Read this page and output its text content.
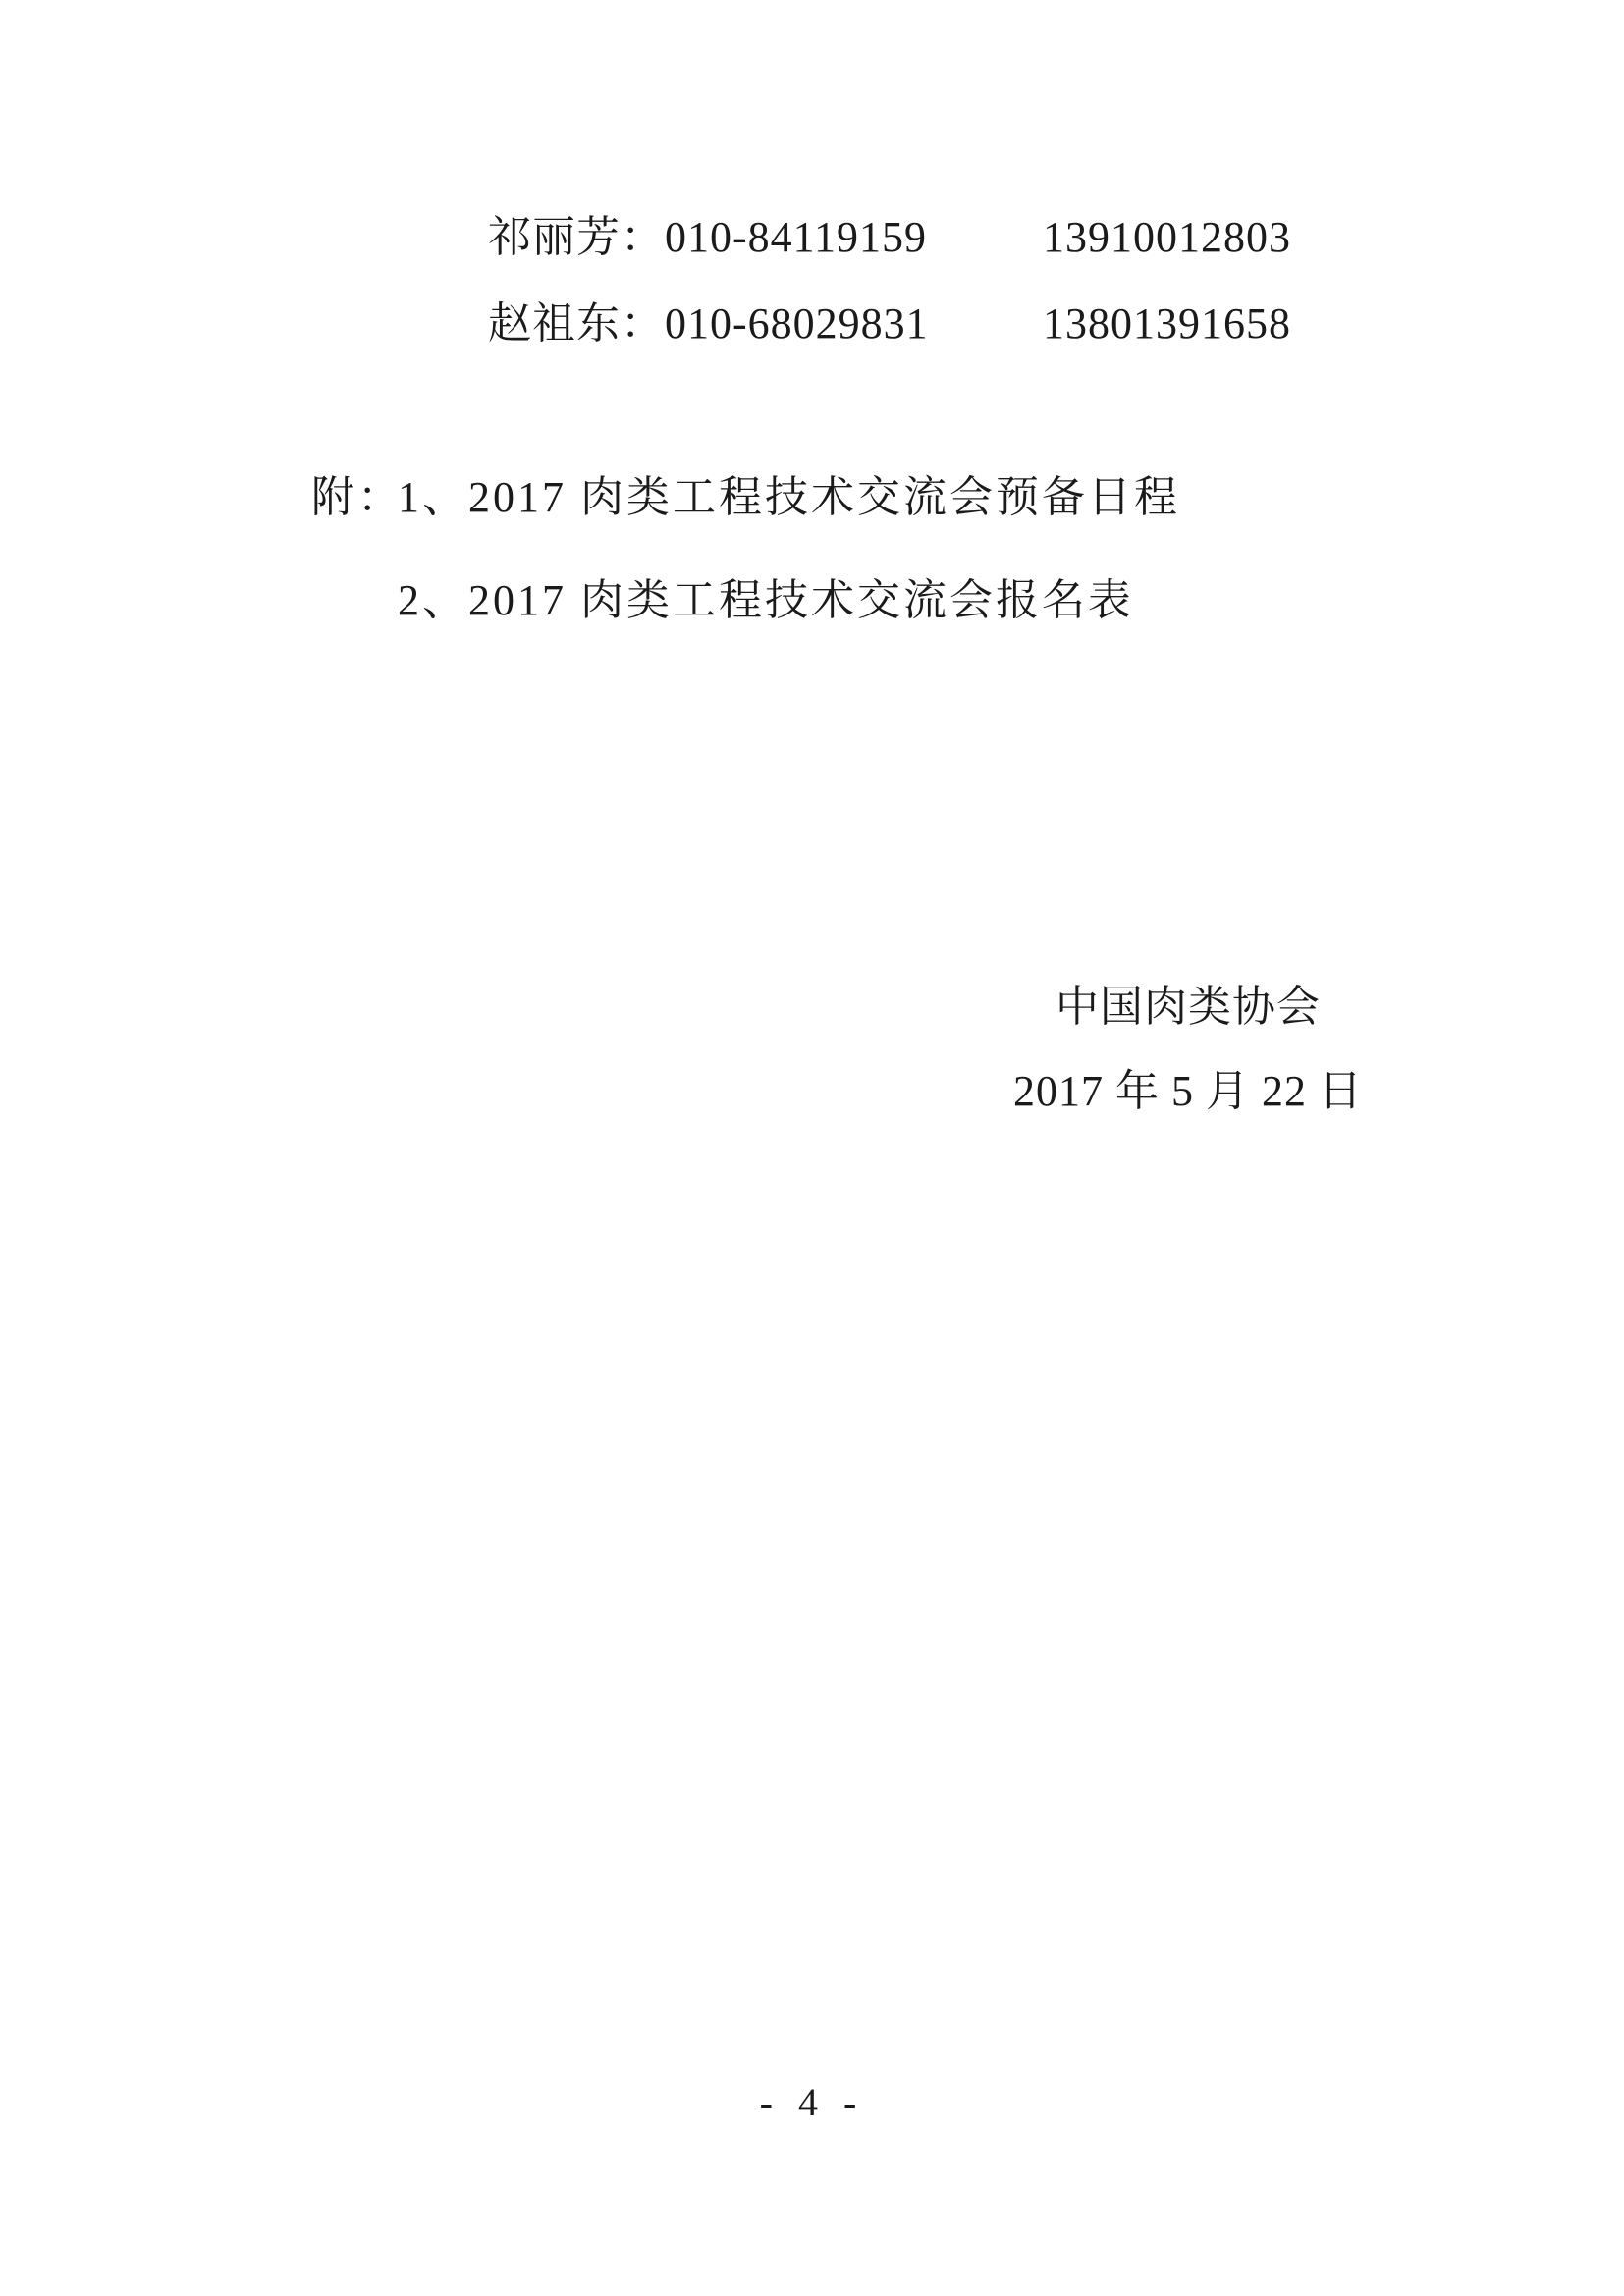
祁丽芳： 010-84119159	13910012803
赵祖东： 010-68029831	13801391658
附：
1、2017 肉类工程技术交流会预备日程
2、2017 肉类工程技术交流会报名表
中国肉类协会
2017 年 5 月 22 日
- 4 -
